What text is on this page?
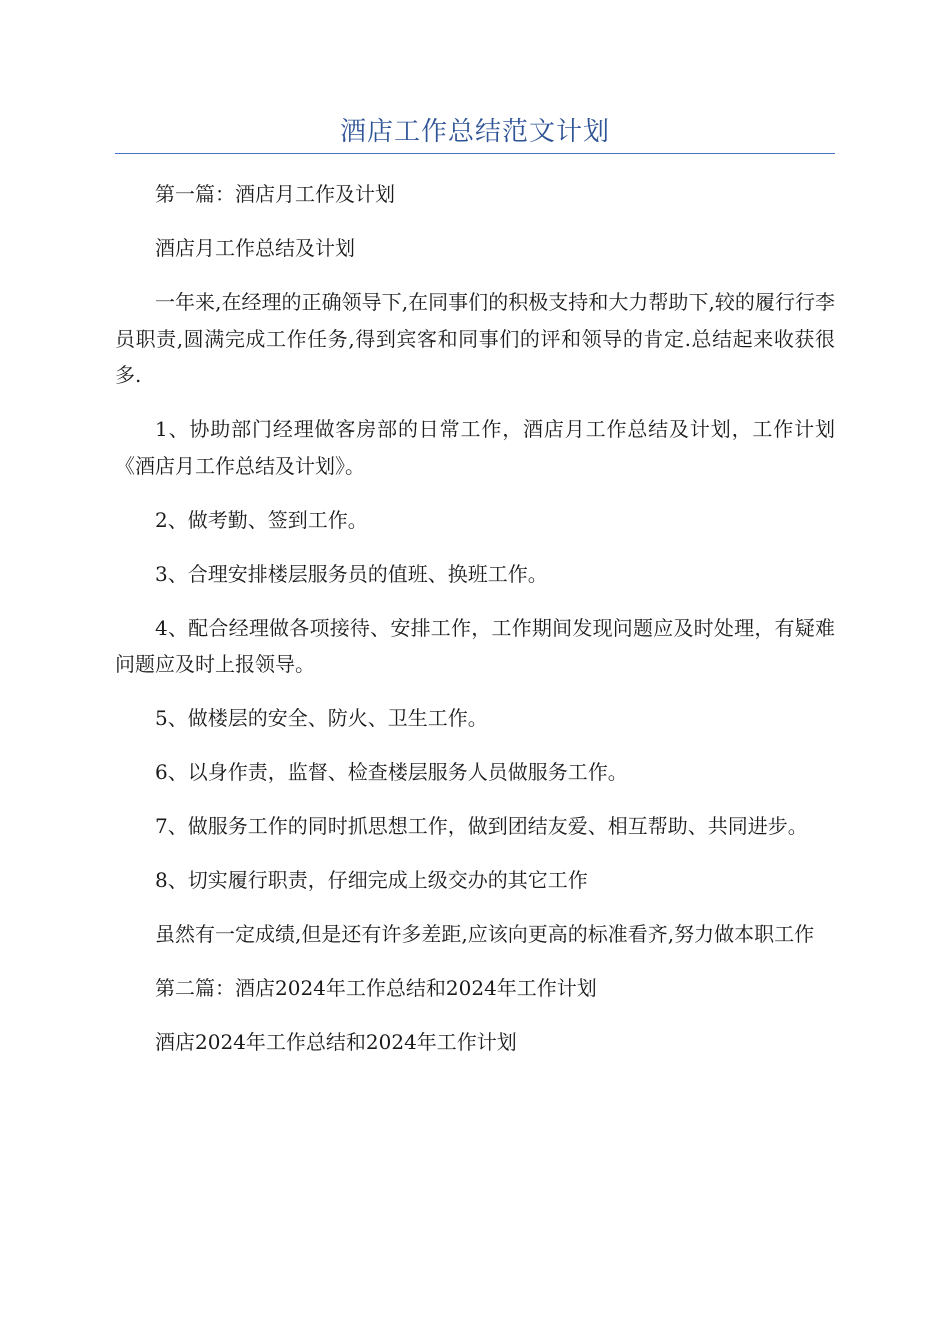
酒店工作总结范文计划

第一篇：酒店月工作及计划

酒店月工作总结及计划

一年来,在经理的正确领导下,在同事们的积极支持和大力帮助下,较的履行行李员职责,圆满完成工作任务,得到宾客和同事们的评和领导的肯定.总结起来收获很多.

1、协助部门经理做客房部的日常工作，酒店月工作总结及计划，工作计划《酒店月工作总结及计划》。

2、做考勤、签到工作。

3、合理安排楼层服务员的值班、换班工作。

4、配合经理做各项接待、安排工作，工作期间发现问题应及时处理，有疑难问题应及时上报领导。

5、做楼层的安全、防火、卫生工作。

6、以身作责，监督、检查楼层服务人员做服务工作。

7、做服务工作的同时抓思想工作，做到团结友爱、相互帮助、共同进步。

8、切实履行职责，仔细完成上级交办的其它工作

虽然有一定成绩,但是还有许多差距,应该向更高的标准看齐,努力做本职工作

第二篇：酒店2024年工作总结和2024年工作计划

酒店2024年工作总结和2024年工作计划
